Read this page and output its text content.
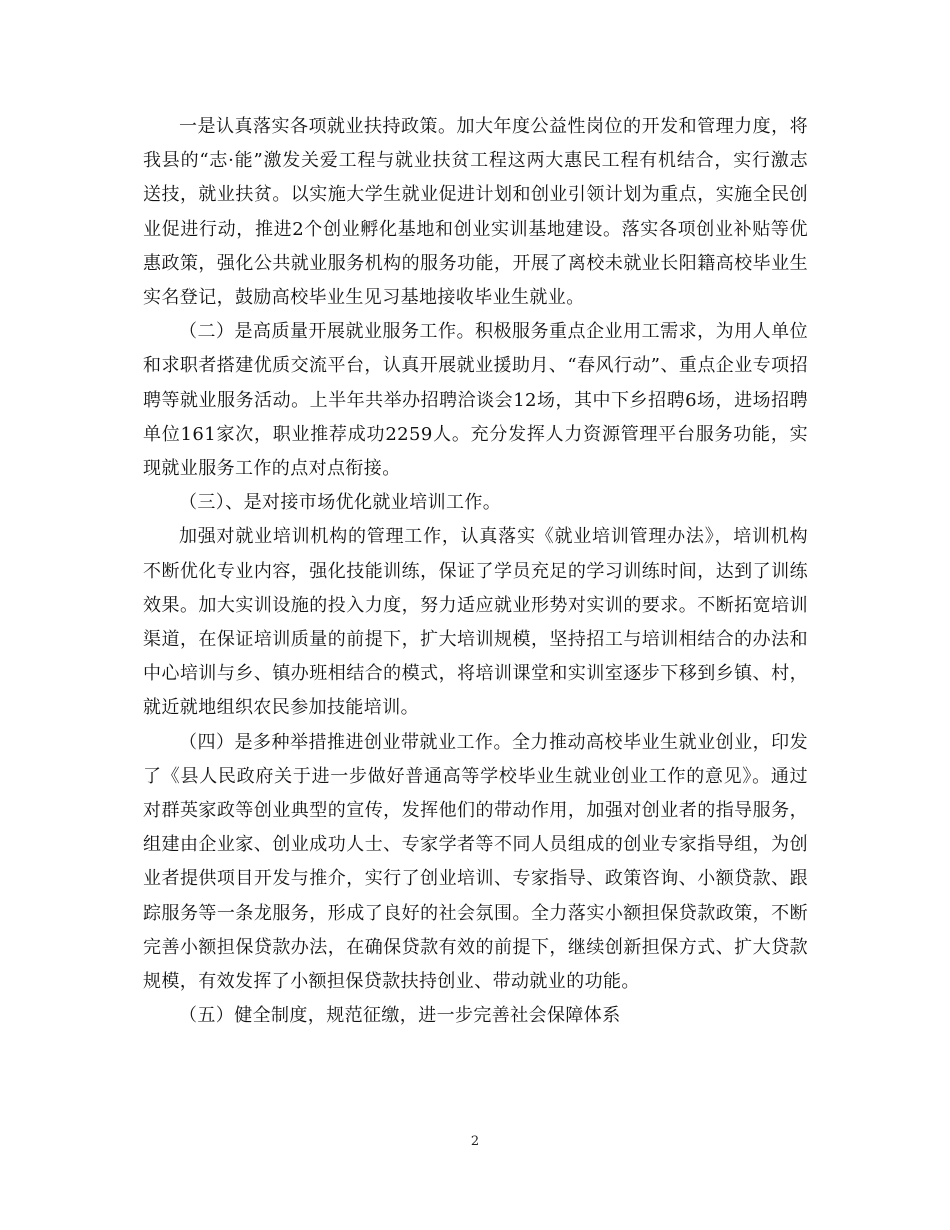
一是认真落实各项就业扶持政策。加大年度公益性岗位的开发和管理力度，将我县的“志·能”激发关爱工程与就业扶贫工程这两大惠民工程有机结合，实行激志送技，就业扶贫。以实施大学生就业促进计划和创业引领计划为重点，实施全民创业促进行动，推进2个创业孵化基地和创业实训基地建设。落实各项创业补贴等优惠政策，强化公共就业服务机构的服务功能，开展了离校未就业长阳籍高校毕业生实名登记，鼓励高校毕业生见习基地接收毕业生就业。

（二）是高质量开展就业服务工作。积极服务重点企业用工需求，为用人单位和求职者搭建优质交流平台，认真开展就业援助月、“春风行动”、重点企业专项招聘等就业服务活动。上半年共举办招聘洽谈会12场，其中下乡招聘6场，进场招聘单位161家次，职业推荐成功2259人。充分发挥人力资源管理平台服务功能，实现就业服务工作的点对点衔接。

（三）、是对接市场优化就业培训工作。

加强对就业培训机构的管理工作，认真落实《就业培训管理办法》，培训机构不断优化专业内容，强化技能训练，保证了学员充足的学习训练时间，达到了训练效果。加大实训设施的投入力度，努力适应就业形势对实训的要求。不断拓宽培训渠道，在保证培训质量的前提下，扩大培训规模，坚持招工与培训相结合的办法和中心培训与乡、镇办班相结合的模式，将培训课堂和实训室逐步下移到乡镇、村，就近就地组织农民参加技能培训。

（四）是多种举措推进创业带就业工作。全力推动高校毕业生就业创业，印发了《县人民政府关于进一步做好普通高等学校毕业生就业创业工作的意见》。通过对群英家政等创业典型的宣传，发挥他们的带动作用，加强对创业者的指导服务，组建由企业家、创业成功人士、专家学者等不同人员组成的创业专家指导组，为创业者提供项目开发与推介，实行了创业培训、专家指导、政策咨询、小额贷款、跟踪服务等一条龙服务，形成了良好的社会氛围。全力落实小额担保贷款政策，不断完善小额担保贷款办法，在确保贷款有效的前提下，继续创新担保方式、扩大贷款规模，有效发挥了小额担保贷款扶持创业、带动就业的功能。

（五）健全制度，规范征缴，进一步完善社会保障体系

2
